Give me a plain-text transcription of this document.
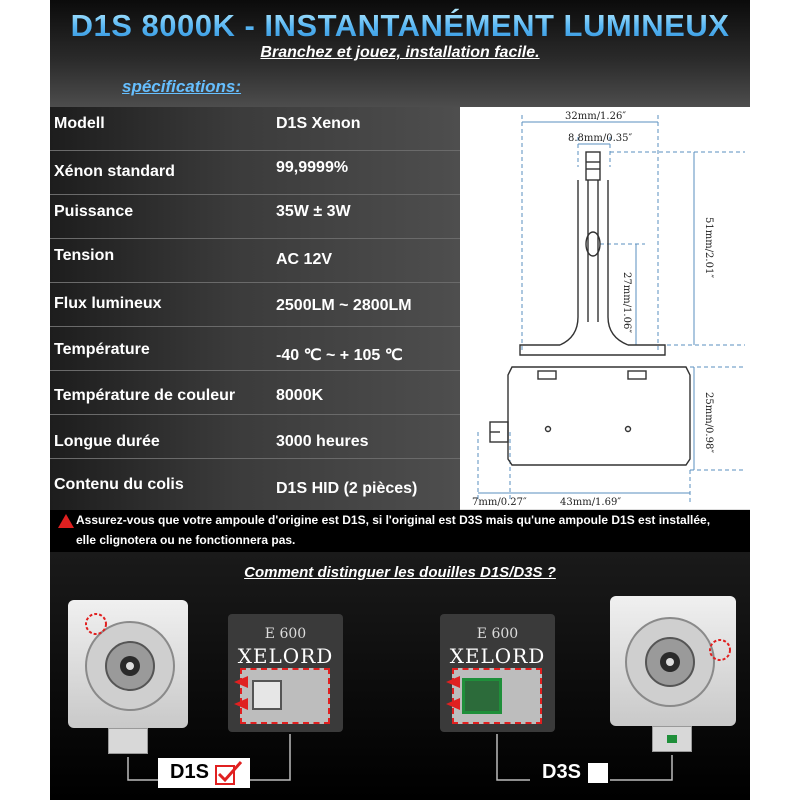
D1S 8000K - INSTANTANÉMENT LUMINEUX
Branchez et jouez, installation facile.
spécifications:
Modell	D1S Xenon
Xénon standard	99,9999%
Puissance	35W ± 3W
Tension	AC 12V
Flux lumineux	2500LM ~ 2800LM
Température	-40 ℃ ~ + 105 ℃
Température de couleur	8000K
Longue durée	3000 heures
Contenu du colis	D1S HID (2 pièces)
32mm/1.26″
8.8mm/0.35″
51mm/2.01″
27mm/1.06″
25mm/0.98″
7mm/0.27″	43mm/1.69″
Assurez-vous que votre ampoule d'origine est D1S, si l'original est D3S mais qu'une ampoule D1S est installée,
elle clignotera ou ne fonctionnera pas.
Comment distinguer les douilles D1S/D3S ?
E 600
XELORD
E 600
XELORD
D1S	D3S
